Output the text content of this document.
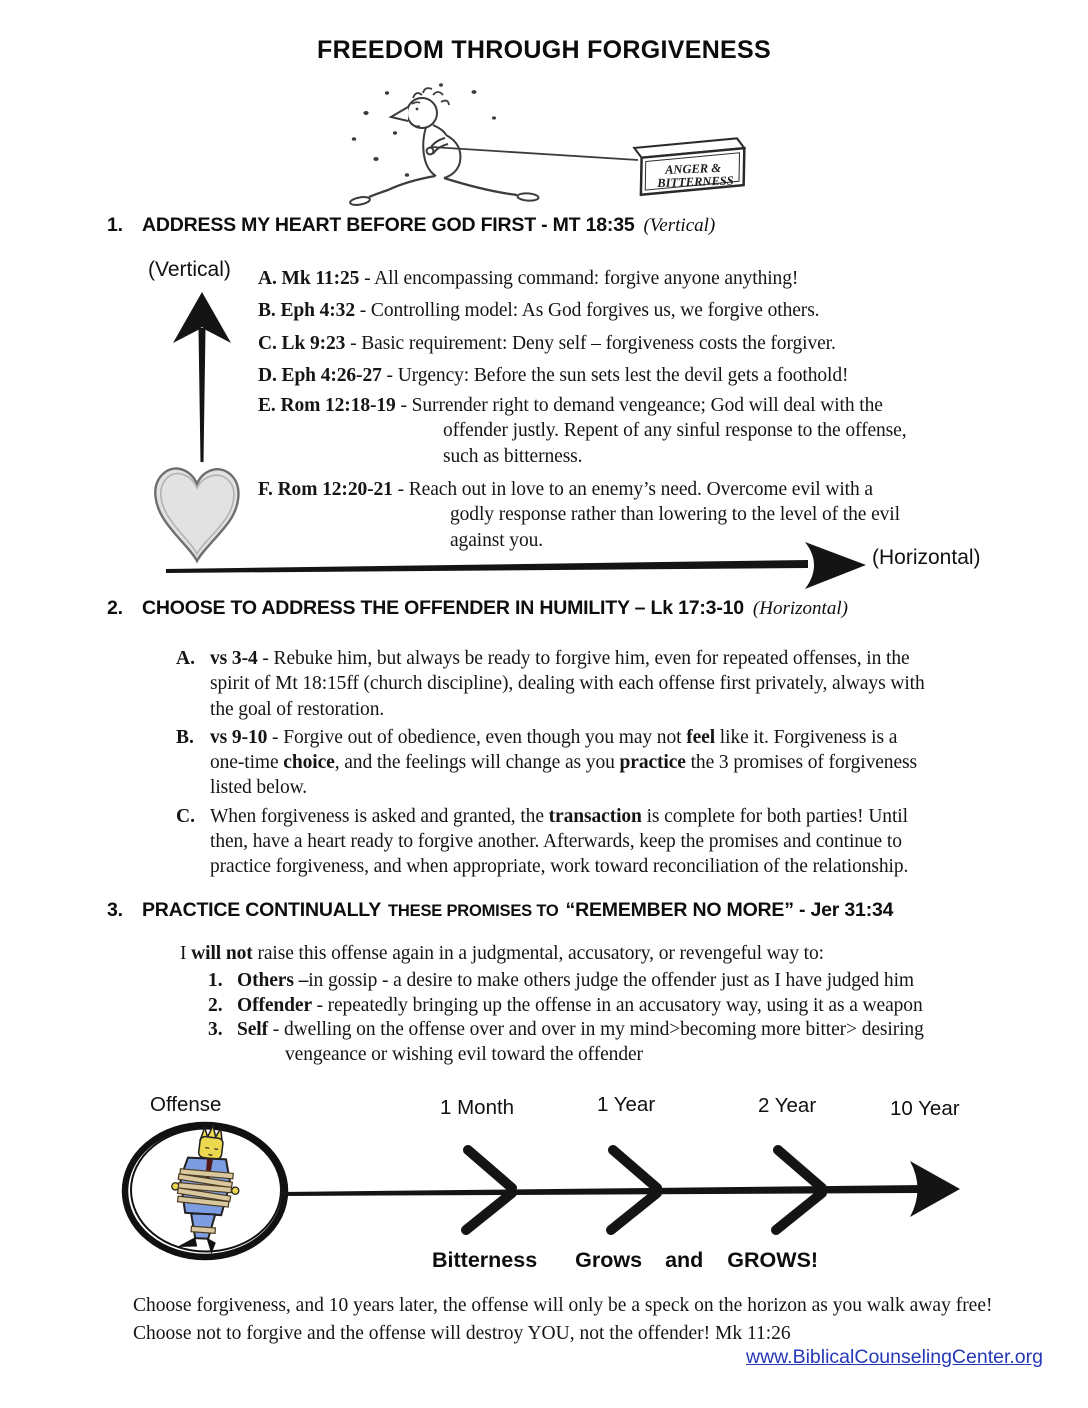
FREEDOM THROUGH FORGIVENESS
ANGER &
BITTERNESS
1. ADDRESS MY HEART BEFORE GOD FIRST - MT 18:35 (Vertical)
(Vertical) A. Mk 11:25 - All encompassing command: forgive anyone anything!
B. Eph 4:32 - Controlling model: As God forgives us, we forgive others.
C. Lk 9:23 - Basic requirement: Deny self – forgiveness costs the forgiver.
D. Eph 4:26-27 - Urgency: Before the sun sets lest the devil gets a foothold!
E. Rom 12:18-19 - Surrender right to demand vengeance; God will deal with the
offender justly. Repent of any sinful response to the offense,
such as bitterness.
F. Rom 12:20-21 - Reach out in love to an enemy’s need. Overcome evil with a
godly response rather than lowering to the level of the evil
against you.
(Horizontal)
2. CHOOSE TO ADDRESS THE OFFENDER IN HUMILITY – Lk 17:3-10 (Horizontal)
A. vs 3-4 - Rebuke him, but always be ready to forgive him, even for repeated offenses, in the
spirit of Mt 18:15ff (church discipline), dealing with each offense first privately, always with
the goal of restoration.
B. vs 9-10 - Forgive out of obedience, even though you may not feel like it. Forgiveness is a
one-time choice, and the feelings will change as you practice the 3 promises of forgiveness
listed below.
C. When forgiveness is asked and granted, the transaction is complete for both parties! Until
then, have a heart ready to forgive another. Afterwards, keep the promises and continue to
practice forgiveness, and when appropriate, work toward reconciliation of the relationship.
3. PRACTICE CONTINUALLY THESE PROMISES TO “REMEMBER NO MORE” - Jer 31:34
I will not raise this offense again in a judgmental, accusatory, or revengeful way to:
1. Others –in gossip - a desire to make others judge the offender just as I have judged him
2. Offender - repeatedly bringing up the offense in an accusatory way, using it as a weapon
3. Self - dwelling on the offense over and over in my mind>becoming more bitter> desiring
vengeance or wishing evil toward the offender
Offense	1 Month	1 Year	2 Year	10 Year
Bitterness Grows and GROWS!
Choose forgiveness, and 10 years later, the offense will only be a speck on the horizon as you walk away free!
Choose not to forgive and the offense will destroy YOU, not the offender! Mk 11:26
www.BiblicalCounselingCenter.org
